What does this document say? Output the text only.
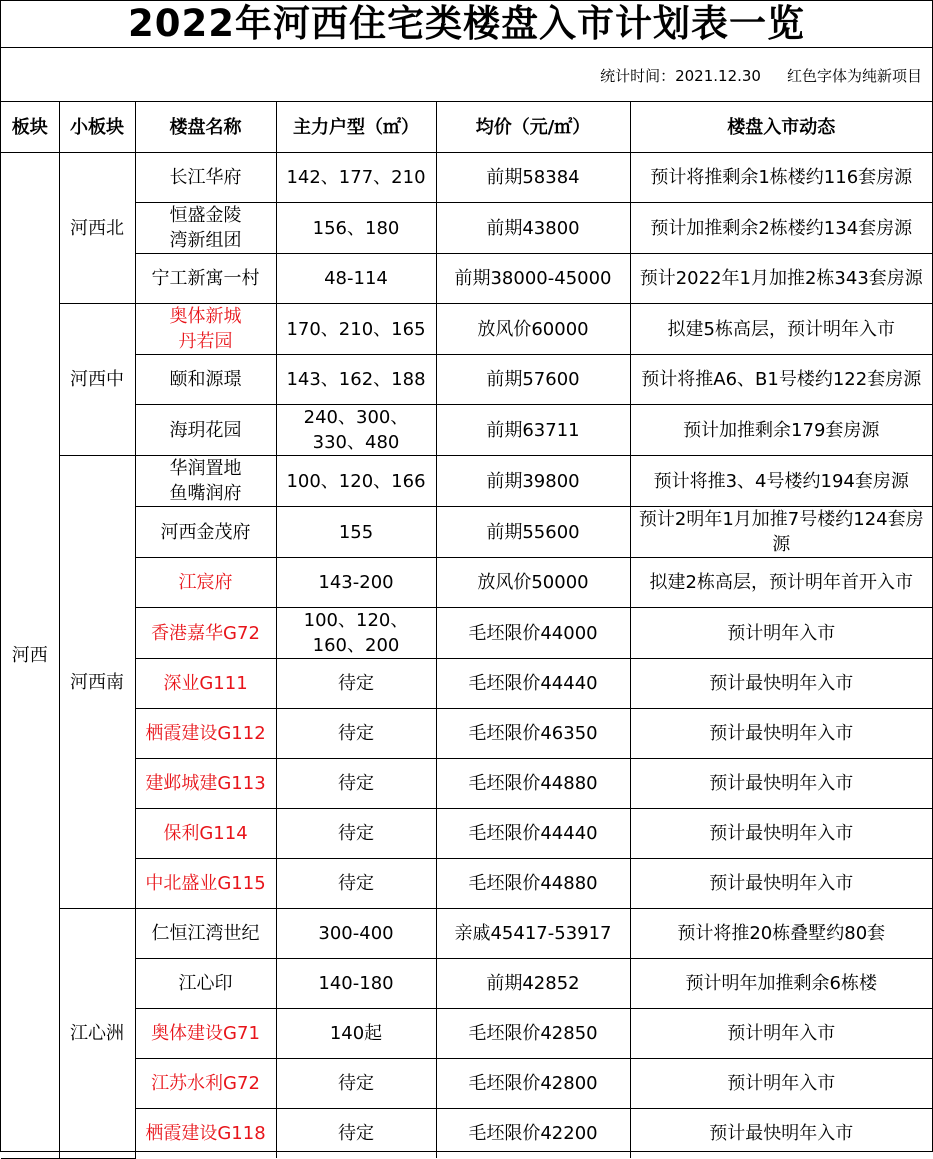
2022年河西住宅类楼盘入市计划表一览
统计时间：2021.12.30 红色字体为纯新项目
板块	小板块	楼盘名称	主力户型（㎡）	均价（元/㎡）	楼盘入市动态
河西	河西北	长江华府	142、177、210	前期58384	预计将推剩余1栋楼约116套房源
		恒盛金陵湾新组团	156、180	前期43800	预计加推剩余2栋楼约134套房源
		宁工新寓一村	48-114	前期38000-45000	预计2022年1月加推2栋343套房源
	河西中	奥体新城丹若园	170、210、165	放风价60000	拟建5栋高层，预计明年入市
		颐和源璟	143、162、188	前期57600	预计将推A6、B1号楼约122套房源
		海玥花园	240、300、330、480	前期63711	预计加推剩余179套房源
	河西南	华润置地鱼嘴润府	100、120、166	前期39800	预计将推3、4号楼约194套房源
		河西金茂府	155	前期55600	预计2明年1月加推7号楼约124套房源
		江宸府	143-200	放风价50000	拟建2栋高层，预计明年首开入市
		香港嘉华G72	100、120、160、200	毛坯限价44000	预计明年入市
		深业G111	待定	毛坯限价44440	预计最快明年入市
		栖霞建设G112	待定	毛坯限价46350	预计最快明年入市
		建邺城建G113	待定	毛坯限价44880	预计最快明年入市
		保利G114	待定	毛坯限价44440	预计最快明年入市
		中北盛业G115	待定	毛坯限价44880	预计最快明年入市
	江心洲	仁恒江湾世纪	300-400	亲戚45417-53917	预计将推20栋叠墅约80套
		江心印	140-180	前期42852	预计明年加推剩余6栋楼
		奥体建设G71	140起	毛坯限价42850	预计明年入市
		江苏水利G72	待定	毛坯限价42800	预计明年入市
		栖霞建设G118	待定	毛坯限价42200	预计最快明年入市
